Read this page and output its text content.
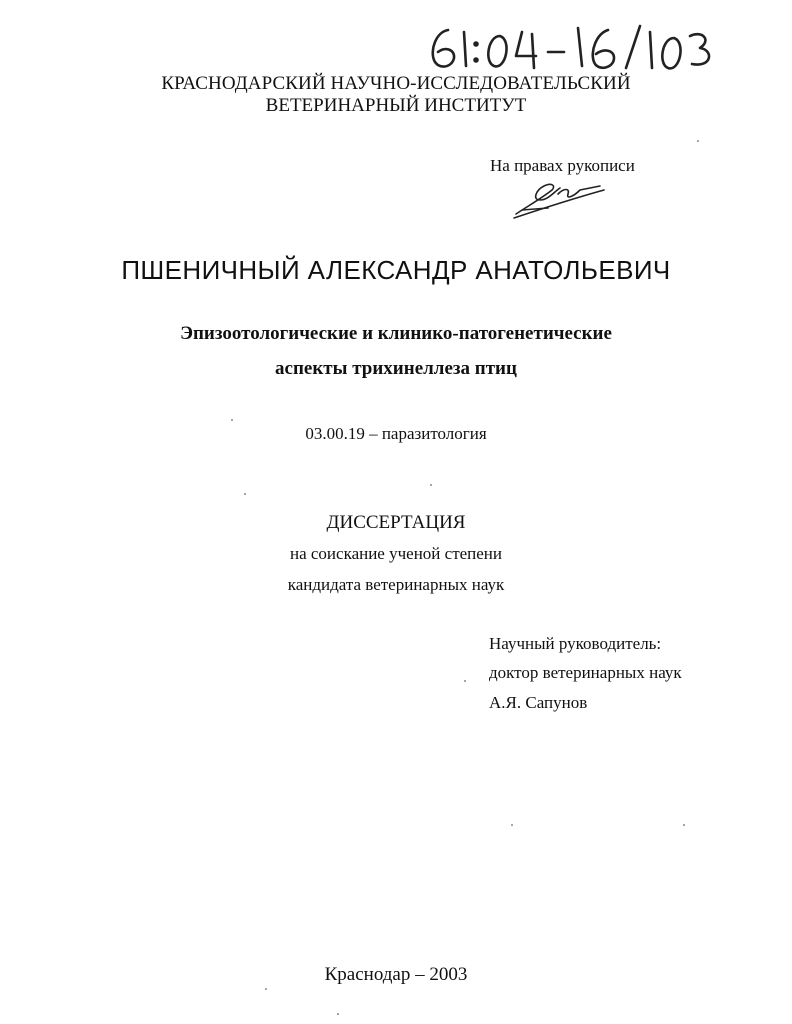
КРАСНОДАРСКИЙ НАУЧНО-ИССЛЕДОВАТЕЛЬСКИЙ
ВЕТЕРИНАРНЫЙ ИНСТИТУТ
На правах рукописи
ПШЕНИЧНЫЙ АЛЕКСАНДР АНАТОЛЬЕВИЧ
Эпизоотологические и клинико-патогенетические
аспекты трихинеллеза птиц
03.00.19 – паразитология
ДИССЕРТАЦИЯ
на соискание ученой степени
кандидата ветеринарных наук
Научный руководитель:
доктор ветеринарных наук
А.Я. Сапунов
Краснодар – 2003
